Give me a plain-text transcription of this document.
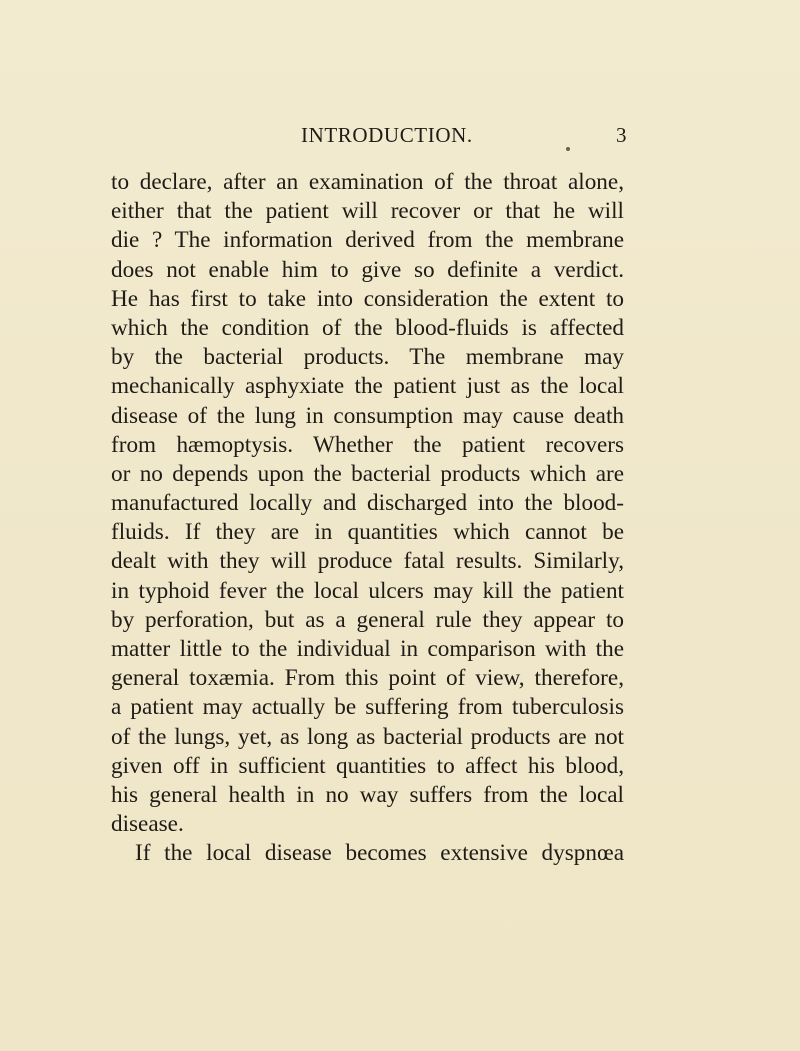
INTRODUCTION.	3
to declare, after an examination of the throat alone,
either that the patient will recover or that he will
die ? The information derived from the membrane
does not enable him to give so definite a verdict.
He has first to take into consideration the extent to
which the condition of the blood-fluids is affected
by the bacterial products. The membrane may
mechanically asphyxiate the patient just as the local
disease of the lung in consumption may cause death
from hæmoptysis. Whether the patient recovers
or no depends upon the bacterial products which are
manufactured locally and discharged into the blood-
fluids. If they are in quantities which cannot be
dealt with they will produce fatal results. Similarly,
in typhoid fever the local ulcers may kill the patient
by perforation, but as a general rule they appear to
matter little to the individual in comparison with the
general toxæmia. From this point of view, therefore,
a patient may actually be suffering from tuberculosis
of the lungs, yet, as long as bacterial products are not
given off in sufficient quantities to affect his blood,
his general health in no way suffers from the local
disease.
If the local disease becomes extensive dyspnœa
